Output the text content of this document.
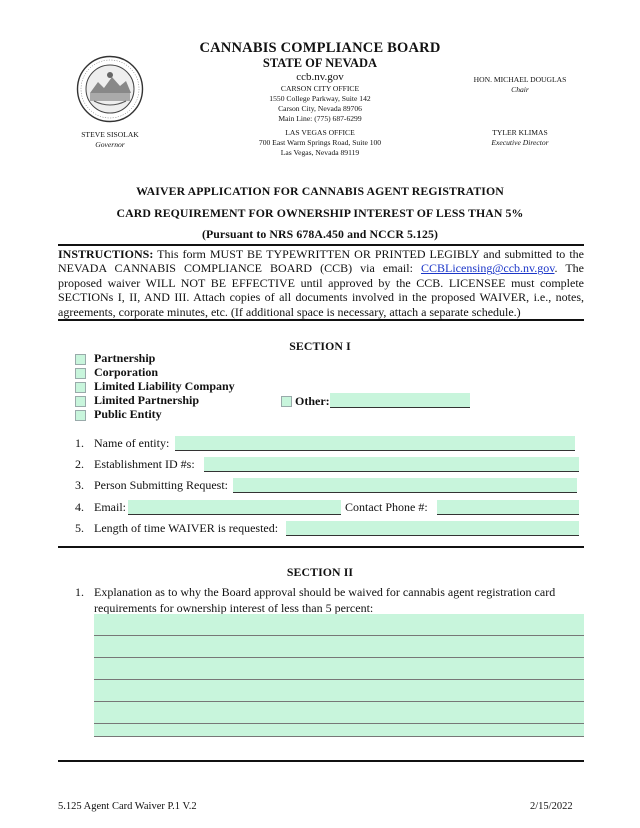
CANNABIS COMPLIANCE BOARD
STATE OF NEVADA
ccb.nv.gov
CARSON CITY OFFICE
1550 College Parkway, Suite 142
Carson City, Nevada 89706
Main Line: (775) 687-6299
LAS VEGAS OFFICE
700 East Warm Springs Road, Suite 100
Las Vegas, Nevada 89119
HON. MICHAEL DOUGLAS
Chair
STEVE SISOLAK
Governor
TYLER KLIMAS
Executive Director
WAIVER APPLICATION FOR CANNABIS AGENT REGISTRATION
CARD REQUIREMENT FOR OWNERSHIP INTEREST OF LESS THAN 5%
(Pursuant to NRS 678A.450 and NCCR 5.125)
INSTRUCTIONS: This form MUST BE TYPEWRITTEN OR PRINTED LEGIBLY and submitted to the NEVADA CANNABIS COMPLIANCE BOARD (CCB) via email: CCBLicensing@ccb.nv.gov. The proposed waiver WILL NOT BE EFFECTIVE until approved by the CCB. LICENSEE must complete SECTIONs I, II, AND III. Attach copies of all documents involved in the proposed WAIVER, i.e., notes, agreements, corporate minutes, etc. (If additional space is necessary, attach a separate schedule.)
SECTION I
Partnership
Corporation
Limited Liability Company
Limited Partnership
Public Entity
Other:
1. Name of entity:
2. Establishment ID #s:
3. Person Submitting Request:
4. Email:	Contact Phone #:
5. Length of time WAIVER is requested:
SECTION II
1. Explanation as to why the Board approval should be waived for cannabis agent registration card requirements for ownership interest of less than 5 percent:
5.125 Agent Card Waiver P.1 V.2	2/15/2022
